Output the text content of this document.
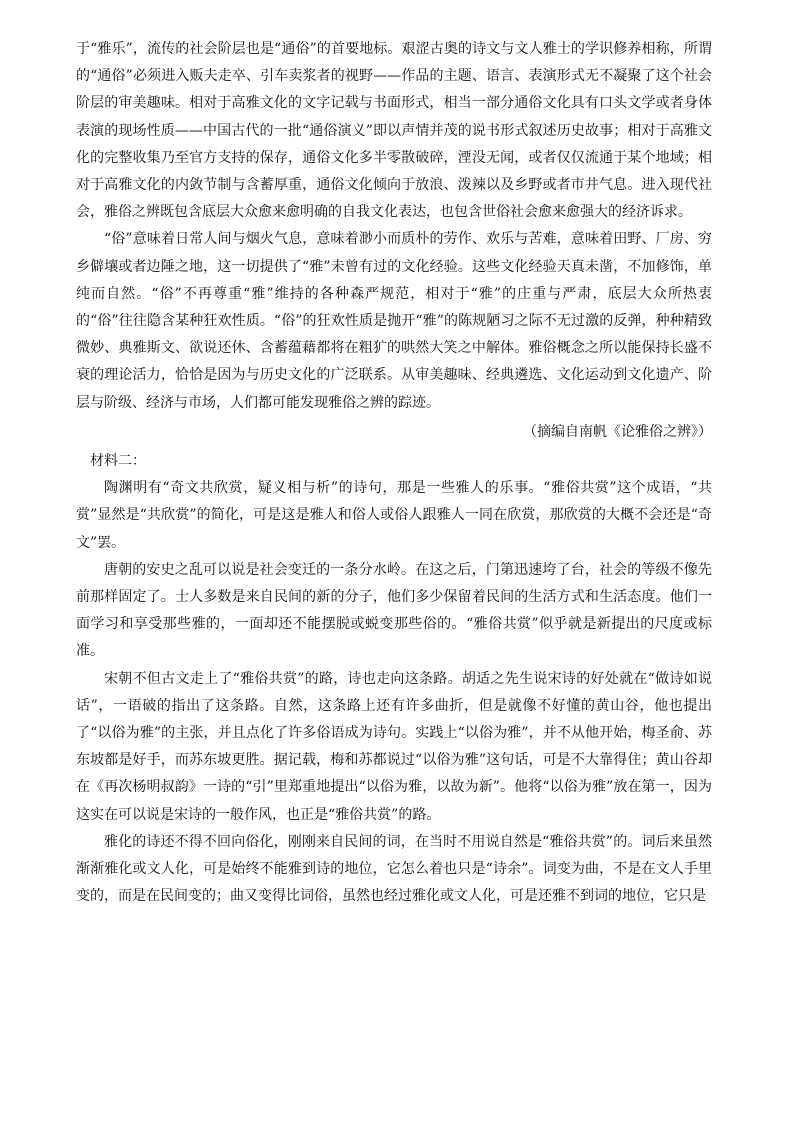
于“雅乐”，流传的社会阶层也是“通俗”的首要地标。艰涩古奥的诗文与文人雅士的学识修养相称，所谓的“通俗”必须进入贩夫走卒、引车卖浆者的视野——作品的主题、语言、表演形式无不凝聚了这个社会阶层的审美趣味。相对于高雅文化的文字记载与书面形式，相当一部分通俗文化具有口头文学或者身体表演的现场性质——中国古代的一批“通俗演义”即以声情并茂的说书形式叙述历史故事；相对于高雅文化的完整收集乃至官方支持的保存，通俗文化多半零散破碎，湮没无闻，或者仅仅流通于某个地域；相对于高雅文化的内敛节制与含蓄厚重，通俗文化倾向于放浪、泼辣以及乡野或者市井气息。进入现代社会，雅俗之辨既包含底层大众愈来愈明确的自我文化表达，也包含世俗社会愈来愈强大的经济诉求。

“俗”意味着日常人间与烟火气息，意味着渺小而质朴的劳作、欢乐与苦难，意味着田野、厂房、穷乡僻壤或者边陲之地，这一切提供了“雅”未曾有过的文化经验。这些文化经验天真未凿，不加修饰，单纯而自然。“俗”不再尊重“雅”维持的各种森严规范，相对于“雅”的庄重与严肃，底层大众所热衷的“俗”往往隐含某种狂欢性质。“俗”的狂欢性质是抛开“雅”的陈规陋习之际不无过激的反弹，种种精致微妙、典雅斯文、欲说还休、含蓄蕴藉都将在粗犷的哄然大笑之中解体。雅俗概念之所以能保持长盛不衰的理论活力，恰恰是因为与历史文化的广泛联系。从审美趣味、经典遴选、文化运动到文化遗产、阶层与阶级、经济与市场，人们都可能发现雅俗之辨的踪迹。

（摘编自南帆《论雅俗之辨》）

材料二：

陶渊明有“奇文共欣赏，疑义相与析”的诗句，那是一些雅人的乐事。“雅俗共赏”这个成语，“共赏”显然是“共欣赏”的简化，可是这是雅人和俗人或俗人跟雅人一同在欣赏，那欣赏的大概不会还是“奇文”罢。

唐朝的安史之乱可以说是社会变迁的一条分水岭。在这之后，门第迅速垮了台，社会的等级不像先前那样固定了。士人多数是来自民间的新的分子，他们多少保留着民间的生活方式和生活态度。他们一面学习和享受那些雅的，一面却还不能摆脱或蜕变那些俗的。“雅俗共赏”似乎就是新提出的尺度或标准。

宋朝不但古文走上了“雅俗共赏”的路，诗也走向这条路。胡适之先生说宋诗的好处就在“做诗如说话”，一语破的指出了这条路。自然，这条路上还有许多曲折，但是就像不好懂的黄山谷，他也提出了“以俗为雅”的主张，并且点化了许多俗语成为诗句。实践上“以俗为雅”，并不从他开始，梅圣俞、苏东坡都是好手，而苏东坡更胜。据记载，梅和苏都说过“以俗为雅”这句话，可是不大靠得住；黄山谷却在《再次杨明叔韵》一诗的“引”里郑重地提出“以俗为雅，以故为新”。他将“以俗为雅”放在第一，因为这实在可以说是宋诗的一般作风，也正是“雅俗共赏”的路。

雅化的诗还不得不回向俗化，刚刚来自民间的词，在当时不用说自然是“雅俗共赏”的。词后来虽然渐渐雅化或文人化，可是始终不能雅到诗的地位，它怎么着也只是“诗余”。词变为曲，不是在文人手里变的，而是在民间变的；曲又变得比词俗，虽然也经过雅化或文人化，可是还雅不到词的地位，它只是
